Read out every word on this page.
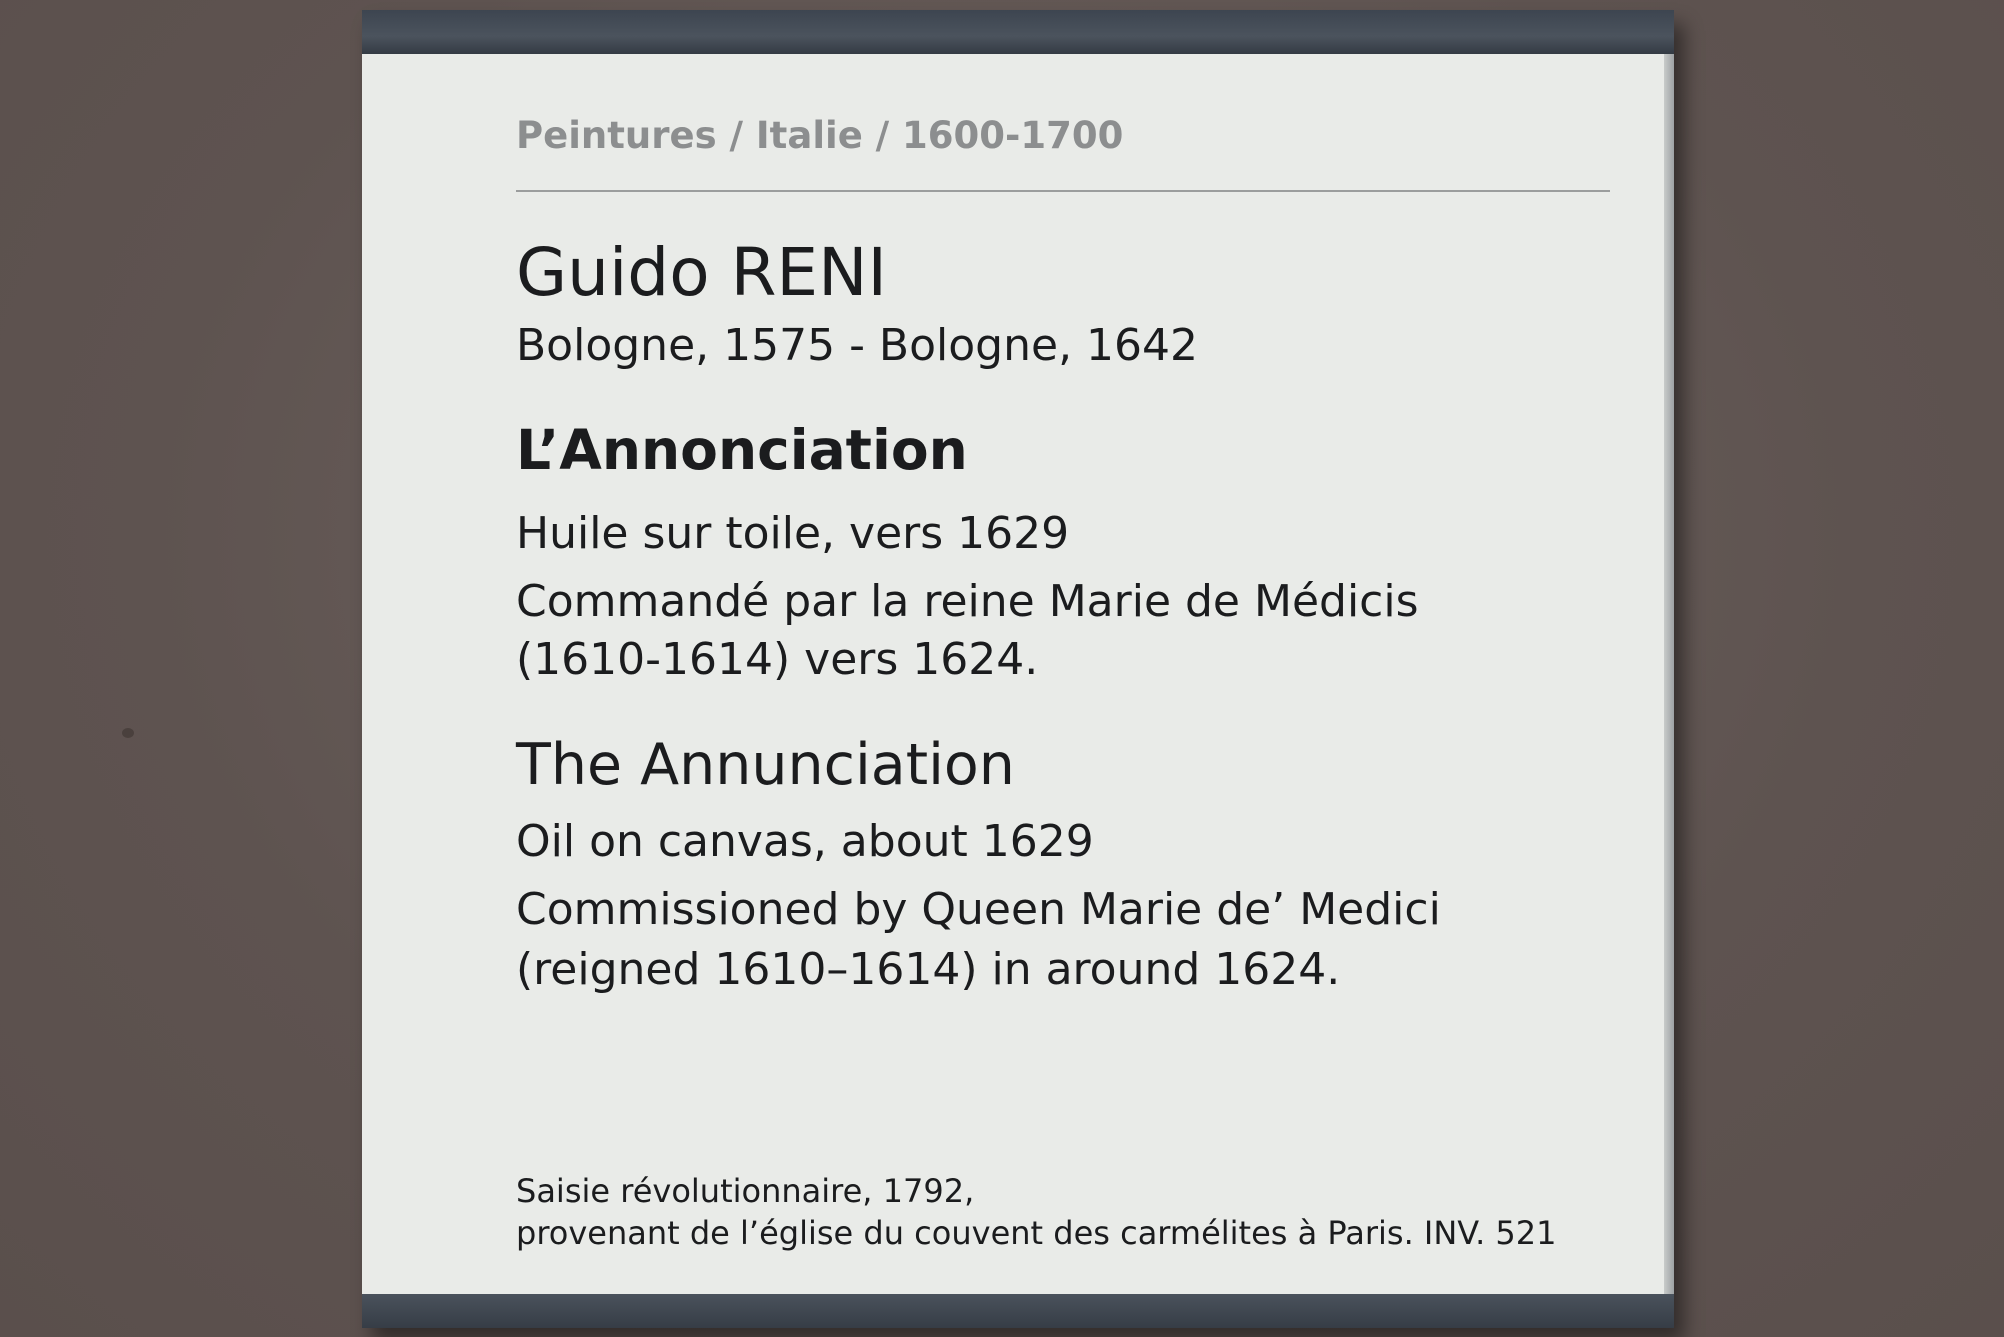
Peintures / Italie / 1600-1700
Guido RENI
Bologne, 1575 - Bologne, 1642
L’Annonciation
Huile sur toile, vers 1629
Commandé par la reine Marie de Médicis
(1610-1614) vers 1624.
The Annunciation
Oil on canvas, about 1629
Commissioned by Queen Marie de’ Medici
(reigned 1610–1614) in around 1624.
Saisie révolutionnaire, 1792,
provenant de l’église du couvent des carmélites à Paris. INV. 521
